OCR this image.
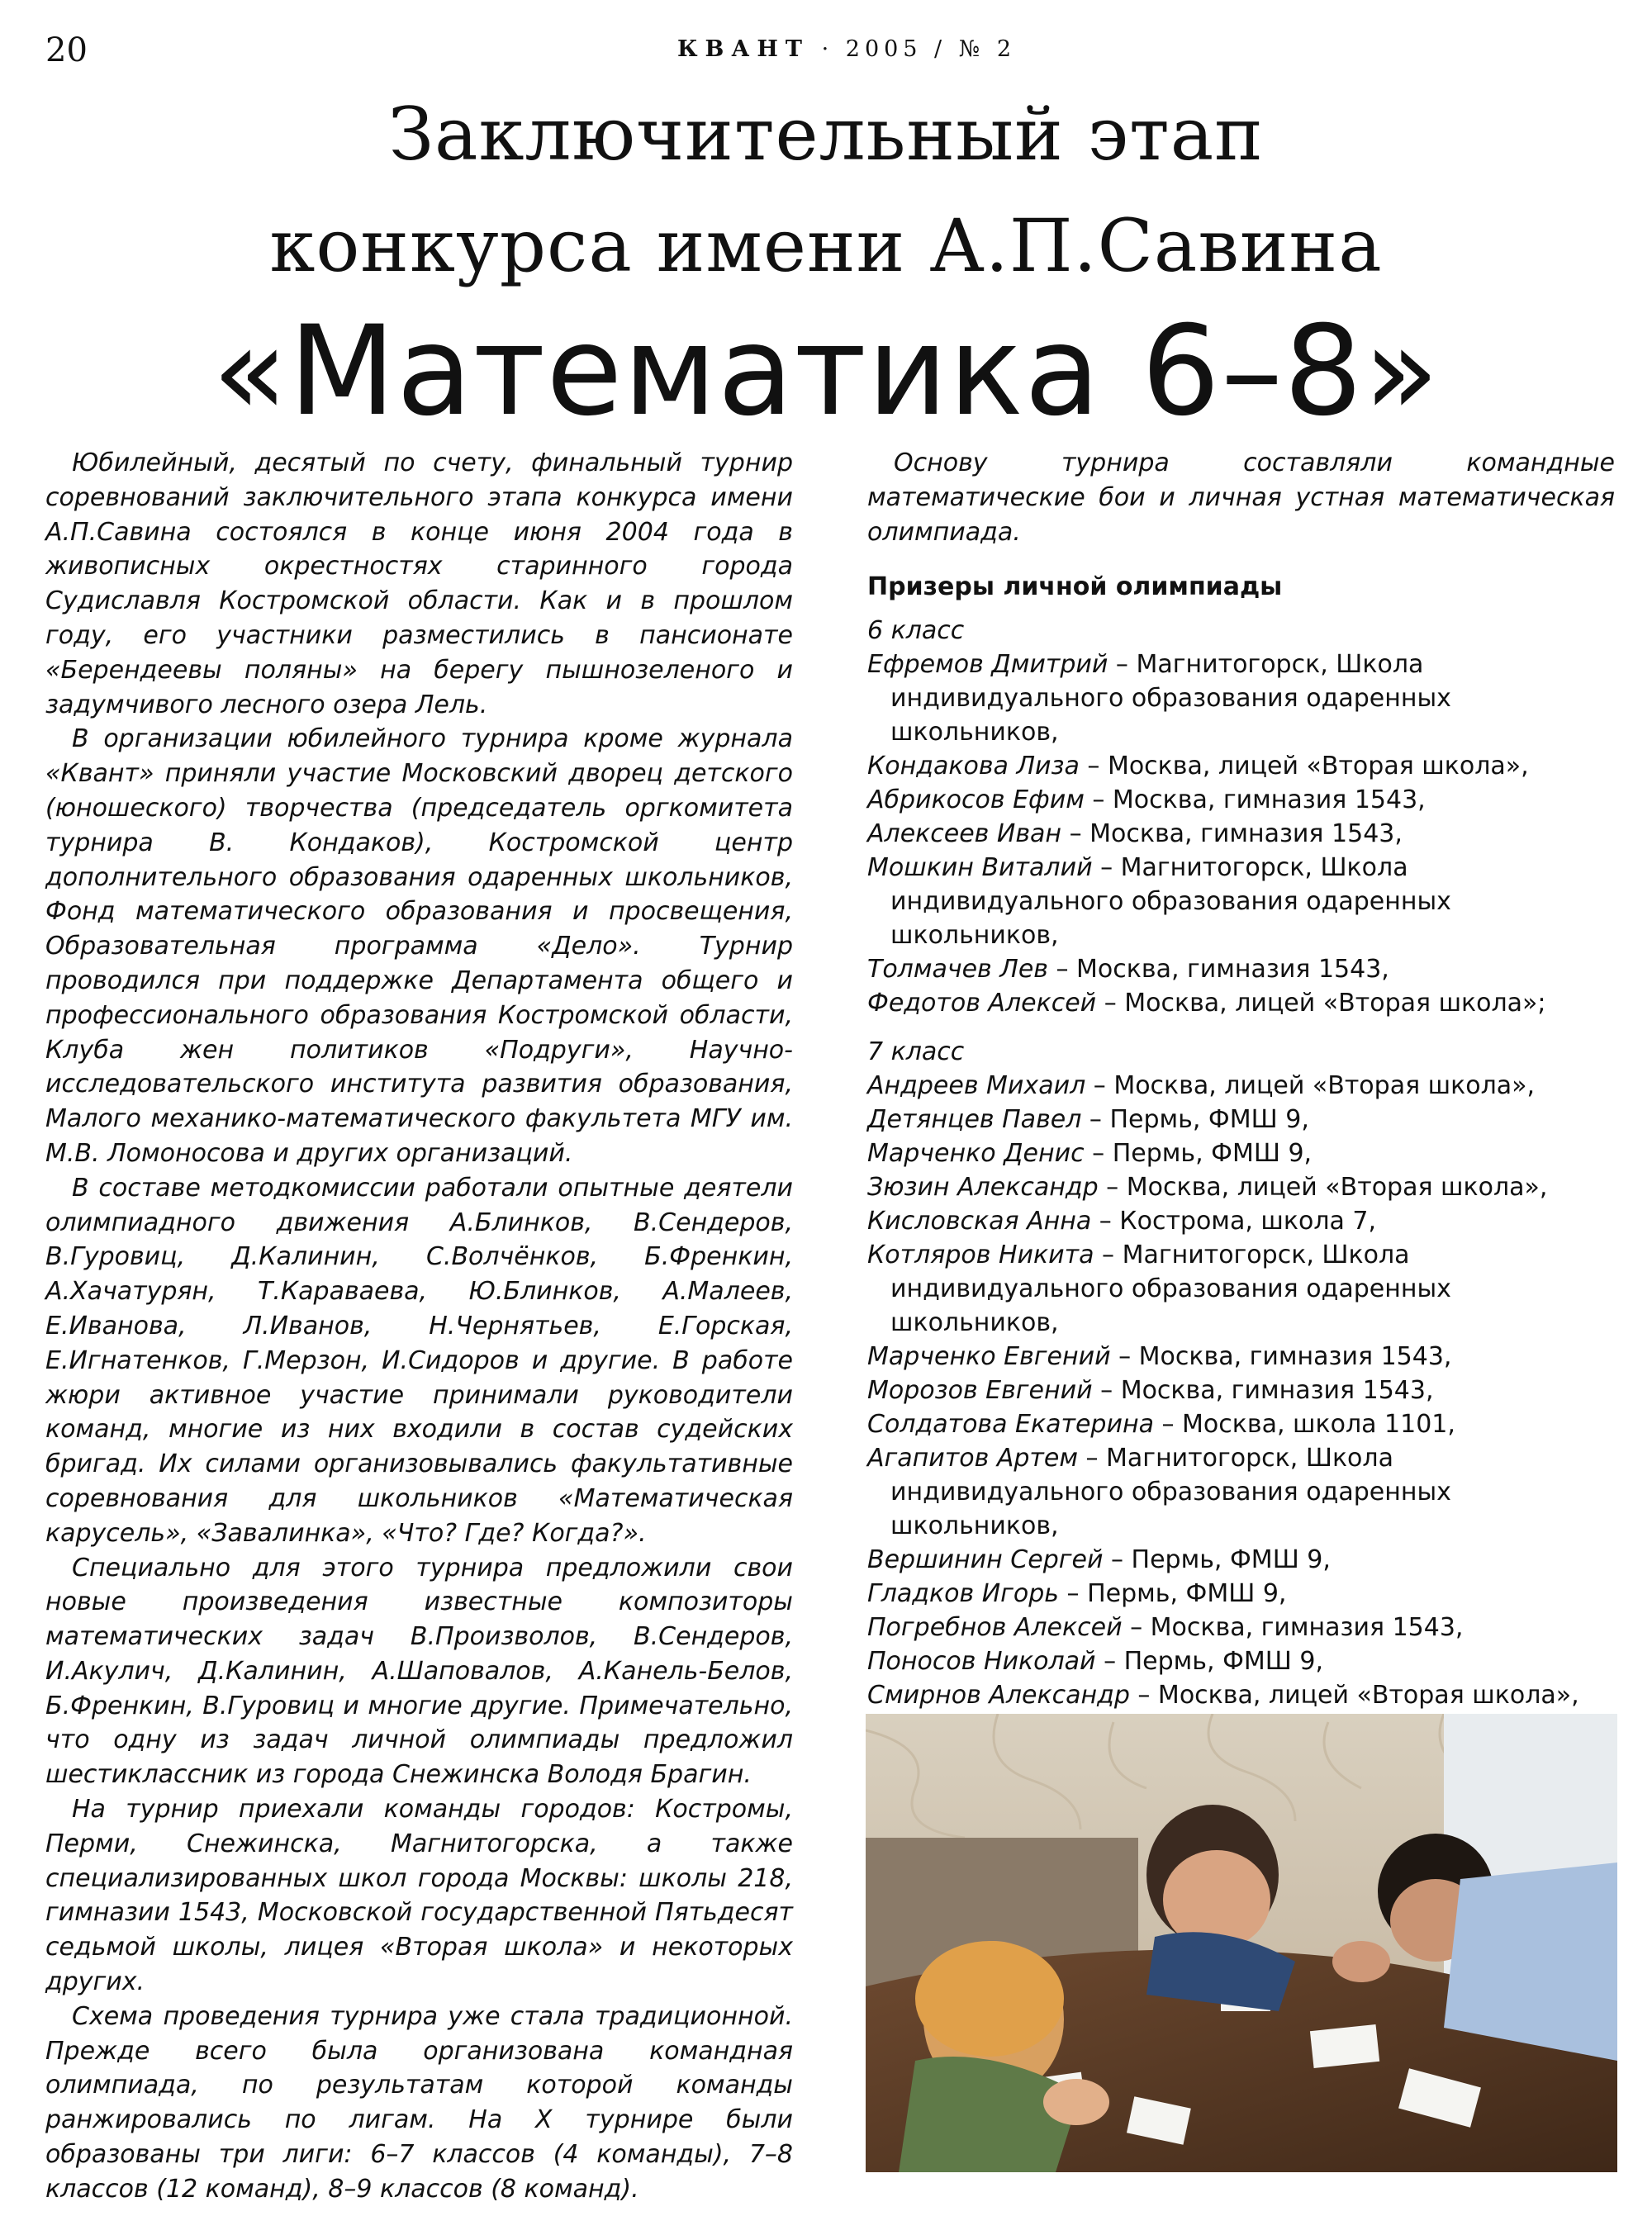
20	КВАНТ · 2005 / № 2
Заключительный этап
конкурса имени А.П.Савина
«Математика 6–8»

Юбилейный, десятый по счету, финальный турнир соревнований заключительного этапа конкурса имени А.П.Савина состоялся в конце июня 2004 года в живописных окрестностях старинного города Судиславля Костромской области. Как и в прошлом году, его участники разместились в пансионате «Берендеевы поляны» на берегу пышнозеленого и задумчивого лесного озера Лель.

В организации юбилейного турнира кроме журнала «Квант» приняли участие Московский дворец детского (юношеского) творчества (председатель оргкомитета турнира В. Кондаков), Костромской центр дополнительного образования одаренных школьников, Фонд математического образования и просвещения, Образовательная программа «Дело». Турнир проводился при поддержке Департамента общего и профессионального образования Костромской области, Клуба жен политиков «Подруги», Научно-исследовательского института развития образования, Малого механико-математического факультета МГУ им. М.В. Ломоносова и других организаций.

В составе методкомиссии работали опытные деятели олимпиадного движения А.Блинков, В.Сендеров, В.Гуровиц, Д.Калинин, С.Волчёнков, Б.Френкин, А.Хачатурян, Т.Караваева, Ю.Блинков, А.Малеев, Е.Иванова, Л.Иванов, Н.Чернятьев, Е.Горская, Е.Игнатенков, Г.Мерзон, И.Сидоров и другие. В работе жюри активное участие принимали руководители команд, многие из них входили в состав судейских бригад. Их силами организовывались факультативные соревнования для школьников «Математическая карусель», «Завалинка», «Что? Где? Когда?».

Специально для этого турнира предложили свои новые произведения известные композиторы математических задач В.Произволов, В.Сендеров, И.Акулич, Д.Калинин, А.Шаповалов, А.Канель-Белов, Б.Френкин, В.Гуровиц и многие другие. Примечательно, что одну из задач личной олимпиады предложил шестиклассник из города Снежинска Володя Брагин.

На турнир приехали команды городов: Костромы, Перми, Снежинска, Магнитогорска, а также специализированных школ города Москвы: школы 218, гимназии 1543, Московской государственной Пятьдесят седьмой школы, лицея «Вторая школа» и некоторых других.

Схема проведения турнира уже стала традиционной. Прежде всего была организована командная олимпиада, по результатам которой команды ранжировались по лигам. На X турнире были образованы три лиги: 6–7 классов (4 команды), 7–8 классов (12 команд), 8–9 классов (8 команд).

Основу турнира составляли командные математические бои и личная устная математическая олимпиада.

Призеры личной олимпиады
6 класс
Ефремов Дмитрий – Магнитогорск, Школа индивидуального образования одаренных школьников,
Кондакова Лиза – Москва, лицей «Вторая школа»,
Абрикосов Ефим – Москва, гимназия 1543,
Алексеев Иван – Москва, гимназия 1543,
Мошкин Виталий – Магнитогорск, Школа индивидуального образования одаренных школьников,
Толмачев Лев – Москва, гимназия 1543,
Федотов Алексей – Москва, лицей «Вторая школа»;
7 класс
Андреев Михаил – Москва, лицей «Вторая школа»,
Детянцев Павел – Пермь, ФМШ 9,
Марченко Денис – Пермь, ФМШ 9,
Зюзин Александр – Москва, лицей «Вторая школа»,
Кисловская Анна – Кострома, школа 7,
Котляров Никита – Магнитогорск, Школа индивидуального образования одаренных школьников,
Марченко Евгений – Москва, гимназия 1543,
Морозов Евгений – Москва, гимназия 1543,
Солдатова Екатерина – Москва, школа 1101,
Агапитов Артем – Магнитогорск, Школа индивидуального образования одаренных школьников,
Вершинин Сергей – Пермь, ФМШ 9,
Гладков Игорь – Пермь, ФМШ 9,
Погребнов Алексей – Москва, гимназия 1543,
Поносов Николай – Пермь, ФМШ 9,
Смирнов Александр – Москва, лицей «Вторая школа»,
